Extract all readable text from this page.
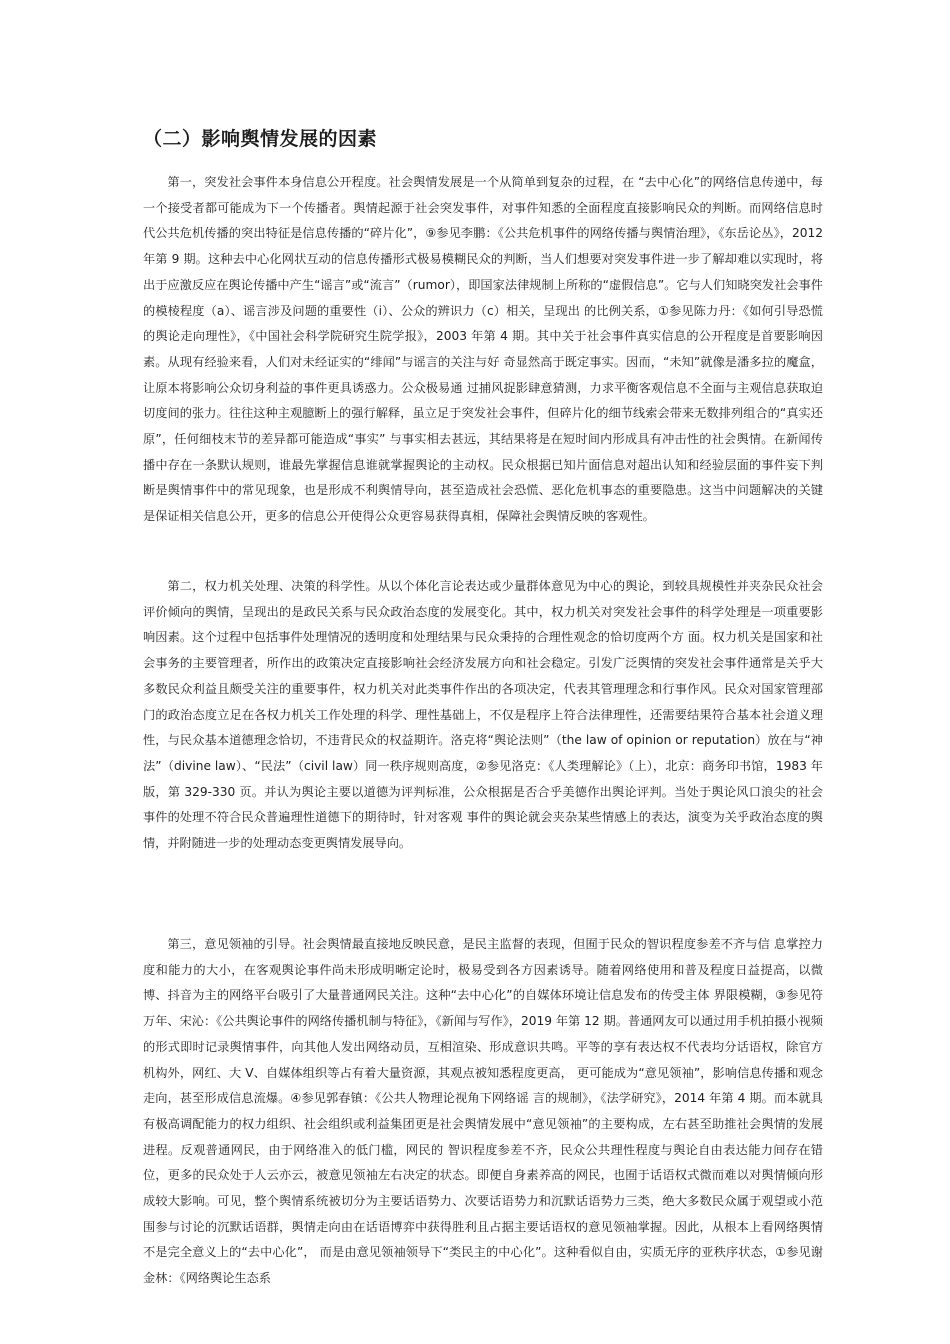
（二）影响舆情发展的因素

第一，突发社会事件本身信息公开程度。社会舆情发展是一个从简单到复杂的过程，在 “去中心化”的网络信息传递中，每一个接受者都可能成为下一个传播者。舆情起源于社会突发事件，对事件知悉的全面程度直接影响民众的判断。而网络信息时代公共危机传播的突出特征是信息传播的“碎片化”，⑨参见李鹏：《公共危机事件的网络传播与舆情治理》，《东岳论丛》，2012 年第 9 期。这种去中心化网状互动的信息传播形式极易模糊民众的判断，当人们想要对突发事件进一步了解却难以实现时，将出于应激反应在舆论传播中产生“谣言”或“流言”（rumor），即国家法律规制上所称的“虚假信息”。它与人们知晓突发社会事件的模棱程度（a）、谣言涉及问题的重要性（i）、公众的辨识力（c）相关，呈现出 的比例关系，①参见陈力丹：《如何引导恐慌的舆论走向理性》，《中国社会科学院研究生院学报》，2003 年第 4 期。其中关于社会事件真实信息的公开程度是首要影响因素。从现有经验来看，人们对未经证实的“绯闻”与谣言的关注与好 奇显然高于既定事实。因而，“未知”就像是潘多拉的魔盒，让原本将影响公众切身利益的事件更具诱惑力。公众极易通 过捕风捉影肆意猜测，力求平衡客观信息不全面与主观信息获取迫切度间的张力。往往这种主观臆断上的强行解释，虽立足于突发社会事件，但碎片化的细节线索会带来无数排列组合的“真实还原”，任何细枝末节的差异都可能造成“事实” 与事实相去甚远，其结果将是在短时间内形成具有冲击性的社会舆情。在新闻传播中存在一条默认规则，谁最先掌握信息谁就掌握舆论的主动权。民众根据已知片面信息对超出认知和经验层面的事件妄下判断是舆情事件中的常见现象，也是形成不利舆情导向，甚至造成社会恐慌、恶化危机事态的重要隐患。这当中问题解决的关键是保证相关信息公开，更多的信息公开使得公众更容易获得真相，保障社会舆情反映的客观性。

第二，权力机关处理、决策的科学性。从以个体化言论表达或少量群体意见为中心的舆论，到较具规模性并夹杂民众社会评价倾向的舆情，呈现出的是政民关系与民众政治态度的发展变化。其中，权力机关对突发社会事件的科学处理是一项重要影响因素。这个过程中包括事件处理情况的透明度和处理结果与民众秉持的合理性观念的恰切度两个方 面。权力机关是国家和社会事务的主要管理者，所作出的政策决定直接影响社会经济发展方向和社会稳定。引发广泛舆情的突发社会事件通常是关乎大多数民众利益且颇受关注的重要事件，权力机关对此类事件作出的各项决定，代表其管理理念和行事作风。民众对国家管理部门的政治态度立足在各权力机关工作处理的科学、理性基础上，不仅是程序上符合法律理性，还需要结果符合基本社会道义理性，与民众基本道德理念恰切，不违背民众的权益期许。洛克将“舆论法则”（the law of opinion or reputation）放在与“神法”（divine law）、“民法”（civil law）同一秩序规则高度，②参见洛克：《人类理解论》（上），北京：商务印书馆，1983 年版，第 329-330 页。并认为舆论主要以道德为评判标准，公众根据是否合乎美德作出舆论评判。当处于舆论风口浪尖的社会事件的处理不符合民众普遍理性道德下的期待时，针对客观 事件的舆论就会夹杂某些情感上的表达，演变为关乎政治态度的舆情，并附随进一步的处理动态变更舆情发展导向。

第三，意见领袖的引导。社会舆情最直接地反映民意，是民主监督的表现，但囿于民众的智识程度参差不齐与信 息掌控力度和能力的大小，在客观舆论事件尚未形成明晰定论时，极易受到各方因素诱导。随着网络使用和普及程度日益提高，以微博、抖音为主的网络平台吸引了大量普通网民关注。这种“去中心化”的自媒体环境让信息发布的传受主体 界限模糊，③参见符万年、宋沁：《公共舆论事件的网络传播机制与特征》，《新闻与写作》，2019 年第 12 期。普通网友可以通过用手机拍摄小视频的形式即时记录舆情事件，向其他人发出网络动员，互相渲染、形成意识共鸣。平等的享有表达权不代表均分话语权，除官方机构外，网红、大 V、自媒体组织等占有着大量资源，其观点被知悉程度更高， 更可能成为“意见领袖”，影响信息传播和观念走向，甚至形成信息流爆。④参见郭春镇：《公共人物理论视角下网络谣 言的规制》，《法学研究》，2014 年第 4 期。而本就具有极高调配能力的权力组织、社会组织或利益集团更是社会舆情发展中“意见领袖”的主要构成，左右甚至助推社会舆情的发展进程。反观普通网民，由于网络准入的低门槛，网民的 智识程度参差不齐，民众公共理性程度与舆论自由表达能力间存在错位，更多的民众处于人云亦云，被意见领袖左右决定的状态。即便自身素养高的网民，也囿于话语权式微而难以对舆情倾向形成较大影响。可见，整个舆情系统被切分为主要话语势力、次要话语势力和沉默话语势力三类，绝大多数民众属于观望或小范围参与讨论的沉默话语群，舆情走向由在话语博弈中获得胜利且占据主要话语权的意见领袖掌握。因此，从根本上看网络舆情不是完全意义上的“去中心化”， 而是由意见领袖领导下“类民主的中心化”。这种看似自由，实质无序的亚秩序状态，①参见谢金林：《网络舆论生态系
